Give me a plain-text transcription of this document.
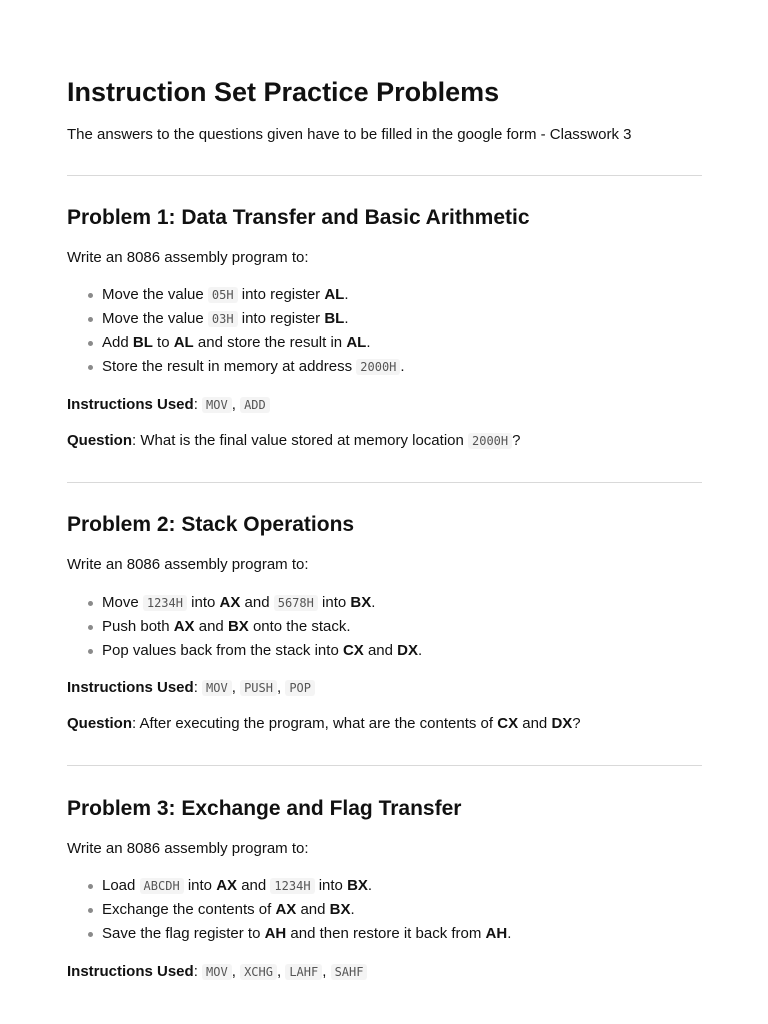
Instruction Set Practice Problems

The answers to the questions given have to be filled in the google form - Classwork 3

Problem 1: Data Transfer and Basic Arithmetic

Write an 8086 assembly program to:

Move the value 05H into register AL.
Move the value 03H into register BL.
Add BL to AL and store the result in AL.
Store the result in memory at address 2000H .

Instructions Used: MOV , ADD

Question: What is the final value stored at memory location 2000H ?

Problem 2: Stack Operations

Write an 8086 assembly program to:

Move 1234H into AX and 5678H into BX.
Push both AX and BX onto the stack.
Pop values back from the stack into CX and DX.

Instructions Used: MOV , PUSH , POP

Question: After executing the program, what are the contents of CX and DX?

Problem 3: Exchange and Flag Transfer

Write an 8086 assembly program to:

Load ABCDH into AX and 1234H into BX.
Exchange the contents of AX and BX.
Save the flag register to AH and then restore it back from AH.

Instructions Used: MOV , XCHG , LAHF , SAHF
